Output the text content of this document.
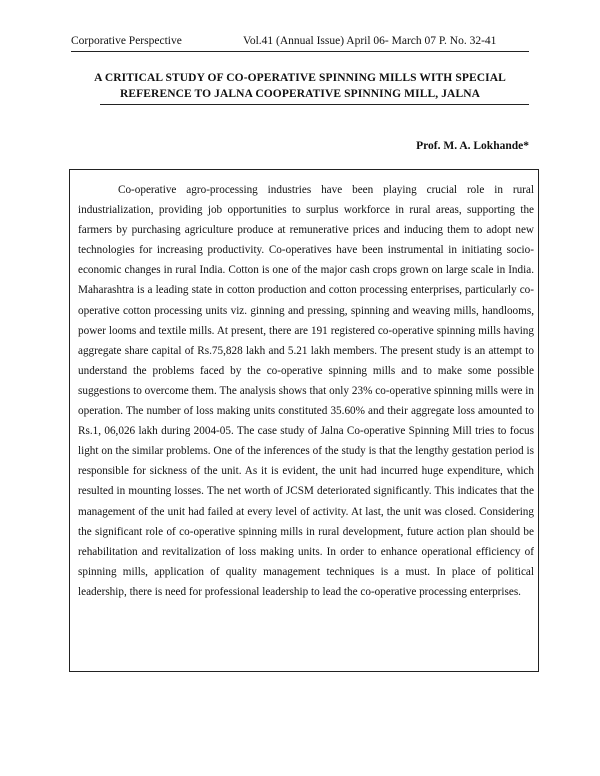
Corporative Perspective	Vol.41 (Annual Issue) April 06- March 07 P. No. 32-41
A CRITICAL STUDY OF CO-OPERATIVE SPINNING MILLS WITH SPECIAL REFERENCE TO JALNA COOPERATIVE SPINNING MILL, JALNA
Prof. M. A. Lokhande*

Co-operative agro-processing industries have been playing crucial role in rural industrialization, providing job opportunities to surplus workforce in rural areas, supporting the farmers by purchasing agriculture produce at remunerative prices and inducing them to adopt new technologies for increasing productivity. Co-operatives have been instrumental in initiating socio-economic changes in rural India. Cotton is one of the major cash crops grown on large scale in India. Maharashtra is a leading state in cotton production and cotton processing enterprises, particularly co-operative cotton processing units viz. ginning and pressing, spinning and weaving mills, handlooms, power looms and textile mills. At present, there are 191 registered co-operative spinning mills having aggregate share capital of Rs.75,828 lakh and 5.21 lakh members. The present study is an attempt to understand the problems faced by the co-operative spinning mills and to make some possible suggestions to overcome them. The analysis shows that only 23% co-operative spinning mills were in operation. The number of loss making units constituted 35.60% and their aggregate loss amounted to Rs.1, 06,026 lakh during 2004-05. The case study of Jalna Co-operative Spinning Mill tries to focus light on the similar problems. One of the inferences of the study is that the lengthy gestation period is responsible for sickness of the unit. As it is evident, the unit had incurred huge expenditure, which resulted in mounting losses. The net worth of JCSM deteriorated significantly. This indicates that the management of the unit had failed at every level of activity. At last, the unit was closed. Considering the significant role of co-operative spinning mills in rural development, future action plan should be rehabilitation and revitalization of loss making units. In order to enhance operational efficiency of spinning mills, application of quality management techniques is a must. In place of political leadership, there is need for professional leadership to lead the co-operative processing enterprises.
